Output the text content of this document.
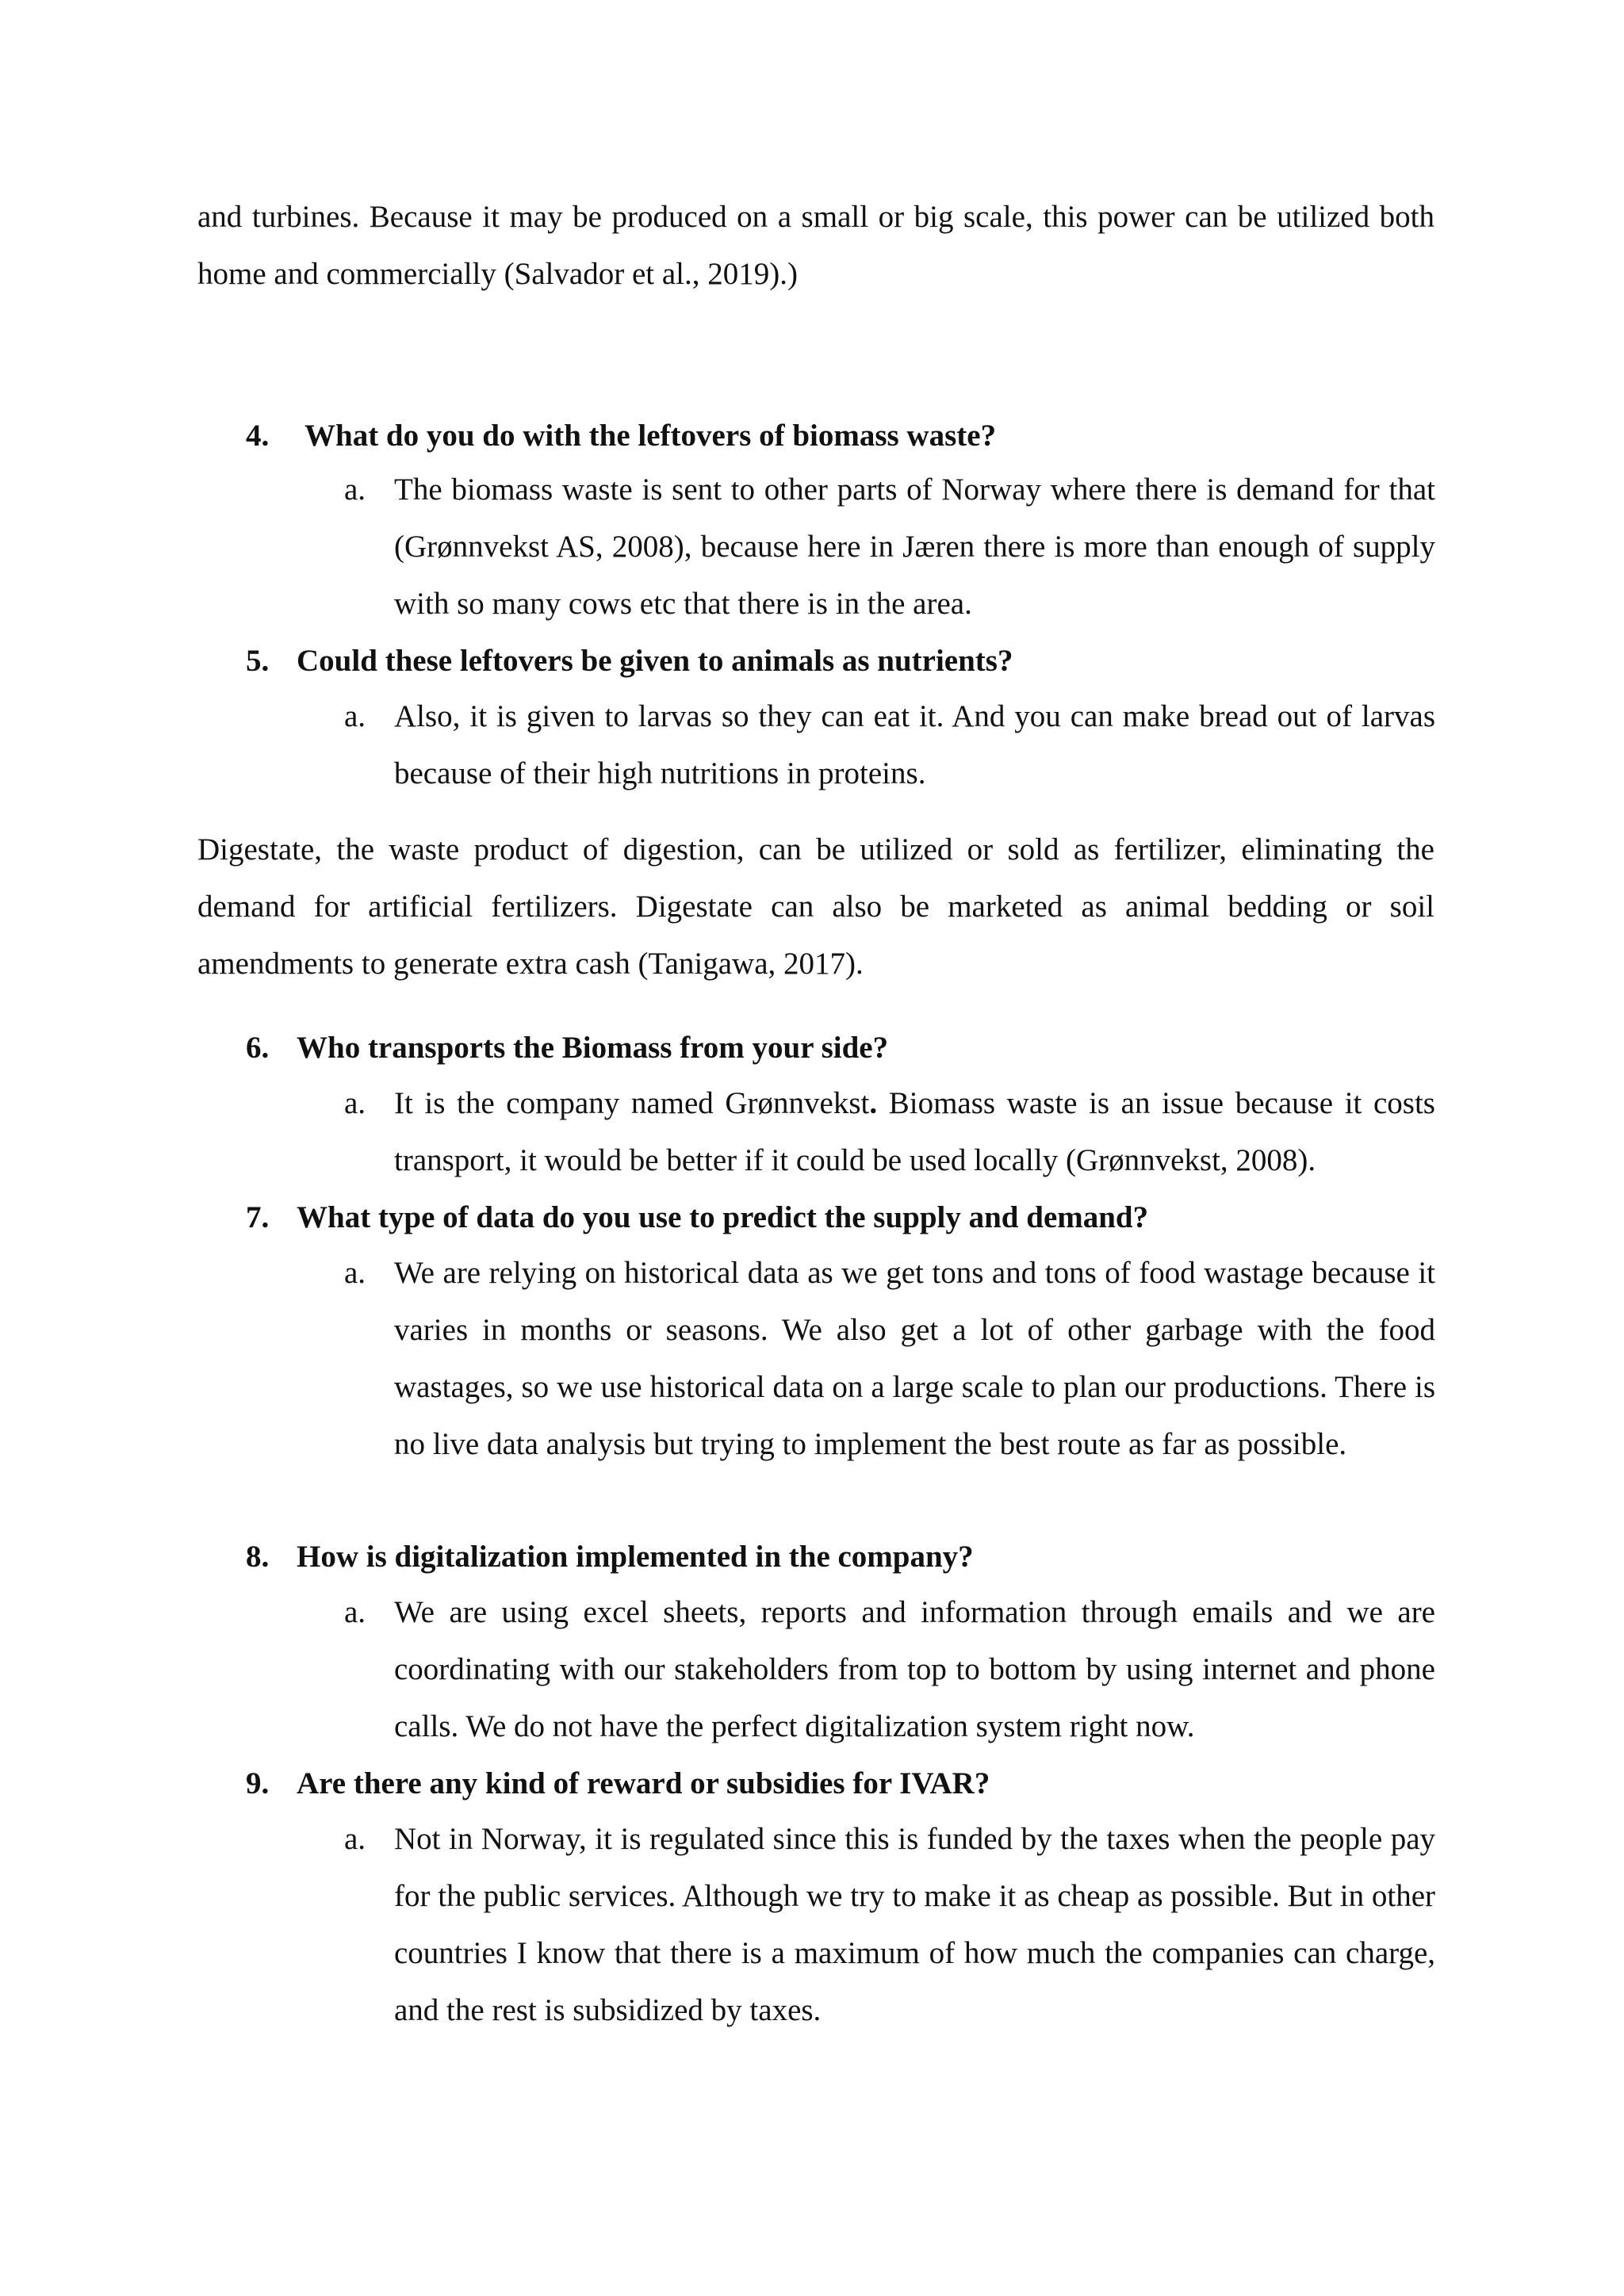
and turbines. Because it may be produced on a small or big scale, this power can be utilized both home and commercially (Salvador et al., 2019).)

4. What do you do with the leftovers of biomass waste?

a. The biomass waste is sent to other parts of Norway where there is demand for that (Grønnvekst AS, 2008), because here in Jæren there is more than enough of supply with so many cows etc that there is in the area.

5. Could these leftovers be given to animals as nutrients?

a. Also, it is given to larvas so they can eat it. And you can make bread out of larvas because of their high nutritions in proteins.

Digestate, the waste product of digestion, can be utilized or sold as fertilizer, eliminating the demand for artificial fertilizers. Digestate can also be marketed as animal bedding or soil amendments to generate extra cash (Tanigawa, 2017).

6. Who transports the Biomass from your side?

a. It is the company named Grønnvekst. Biomass waste is an issue because it costs transport, it would be better if it could be used locally (Grønnvekst, 2008).

7. What type of data do you use to predict the supply and demand?

a. We are relying on historical data as we get tons and tons of food wastage because it varies in months or seasons. We also get a lot of other garbage with the food wastages, so we use historical data on a large scale to plan our productions. There is no live data analysis but trying to implement the best route as far as possible.

8. How is digitalization implemented in the company?

a. We are using excel sheets, reports and information through emails and we are coordinating with our stakeholders from top to bottom by using internet and phone calls. We do not have the perfect digitalization system right now.

9. Are there any kind of reward or subsidies for IVAR?

a. Not in Norway, it is regulated since this is funded by the taxes when the people pay for the public services. Although we try to make it as cheap as possible. But in other countries I know that there is a maximum of how much the companies can charge, and the rest is subsidized by taxes.
